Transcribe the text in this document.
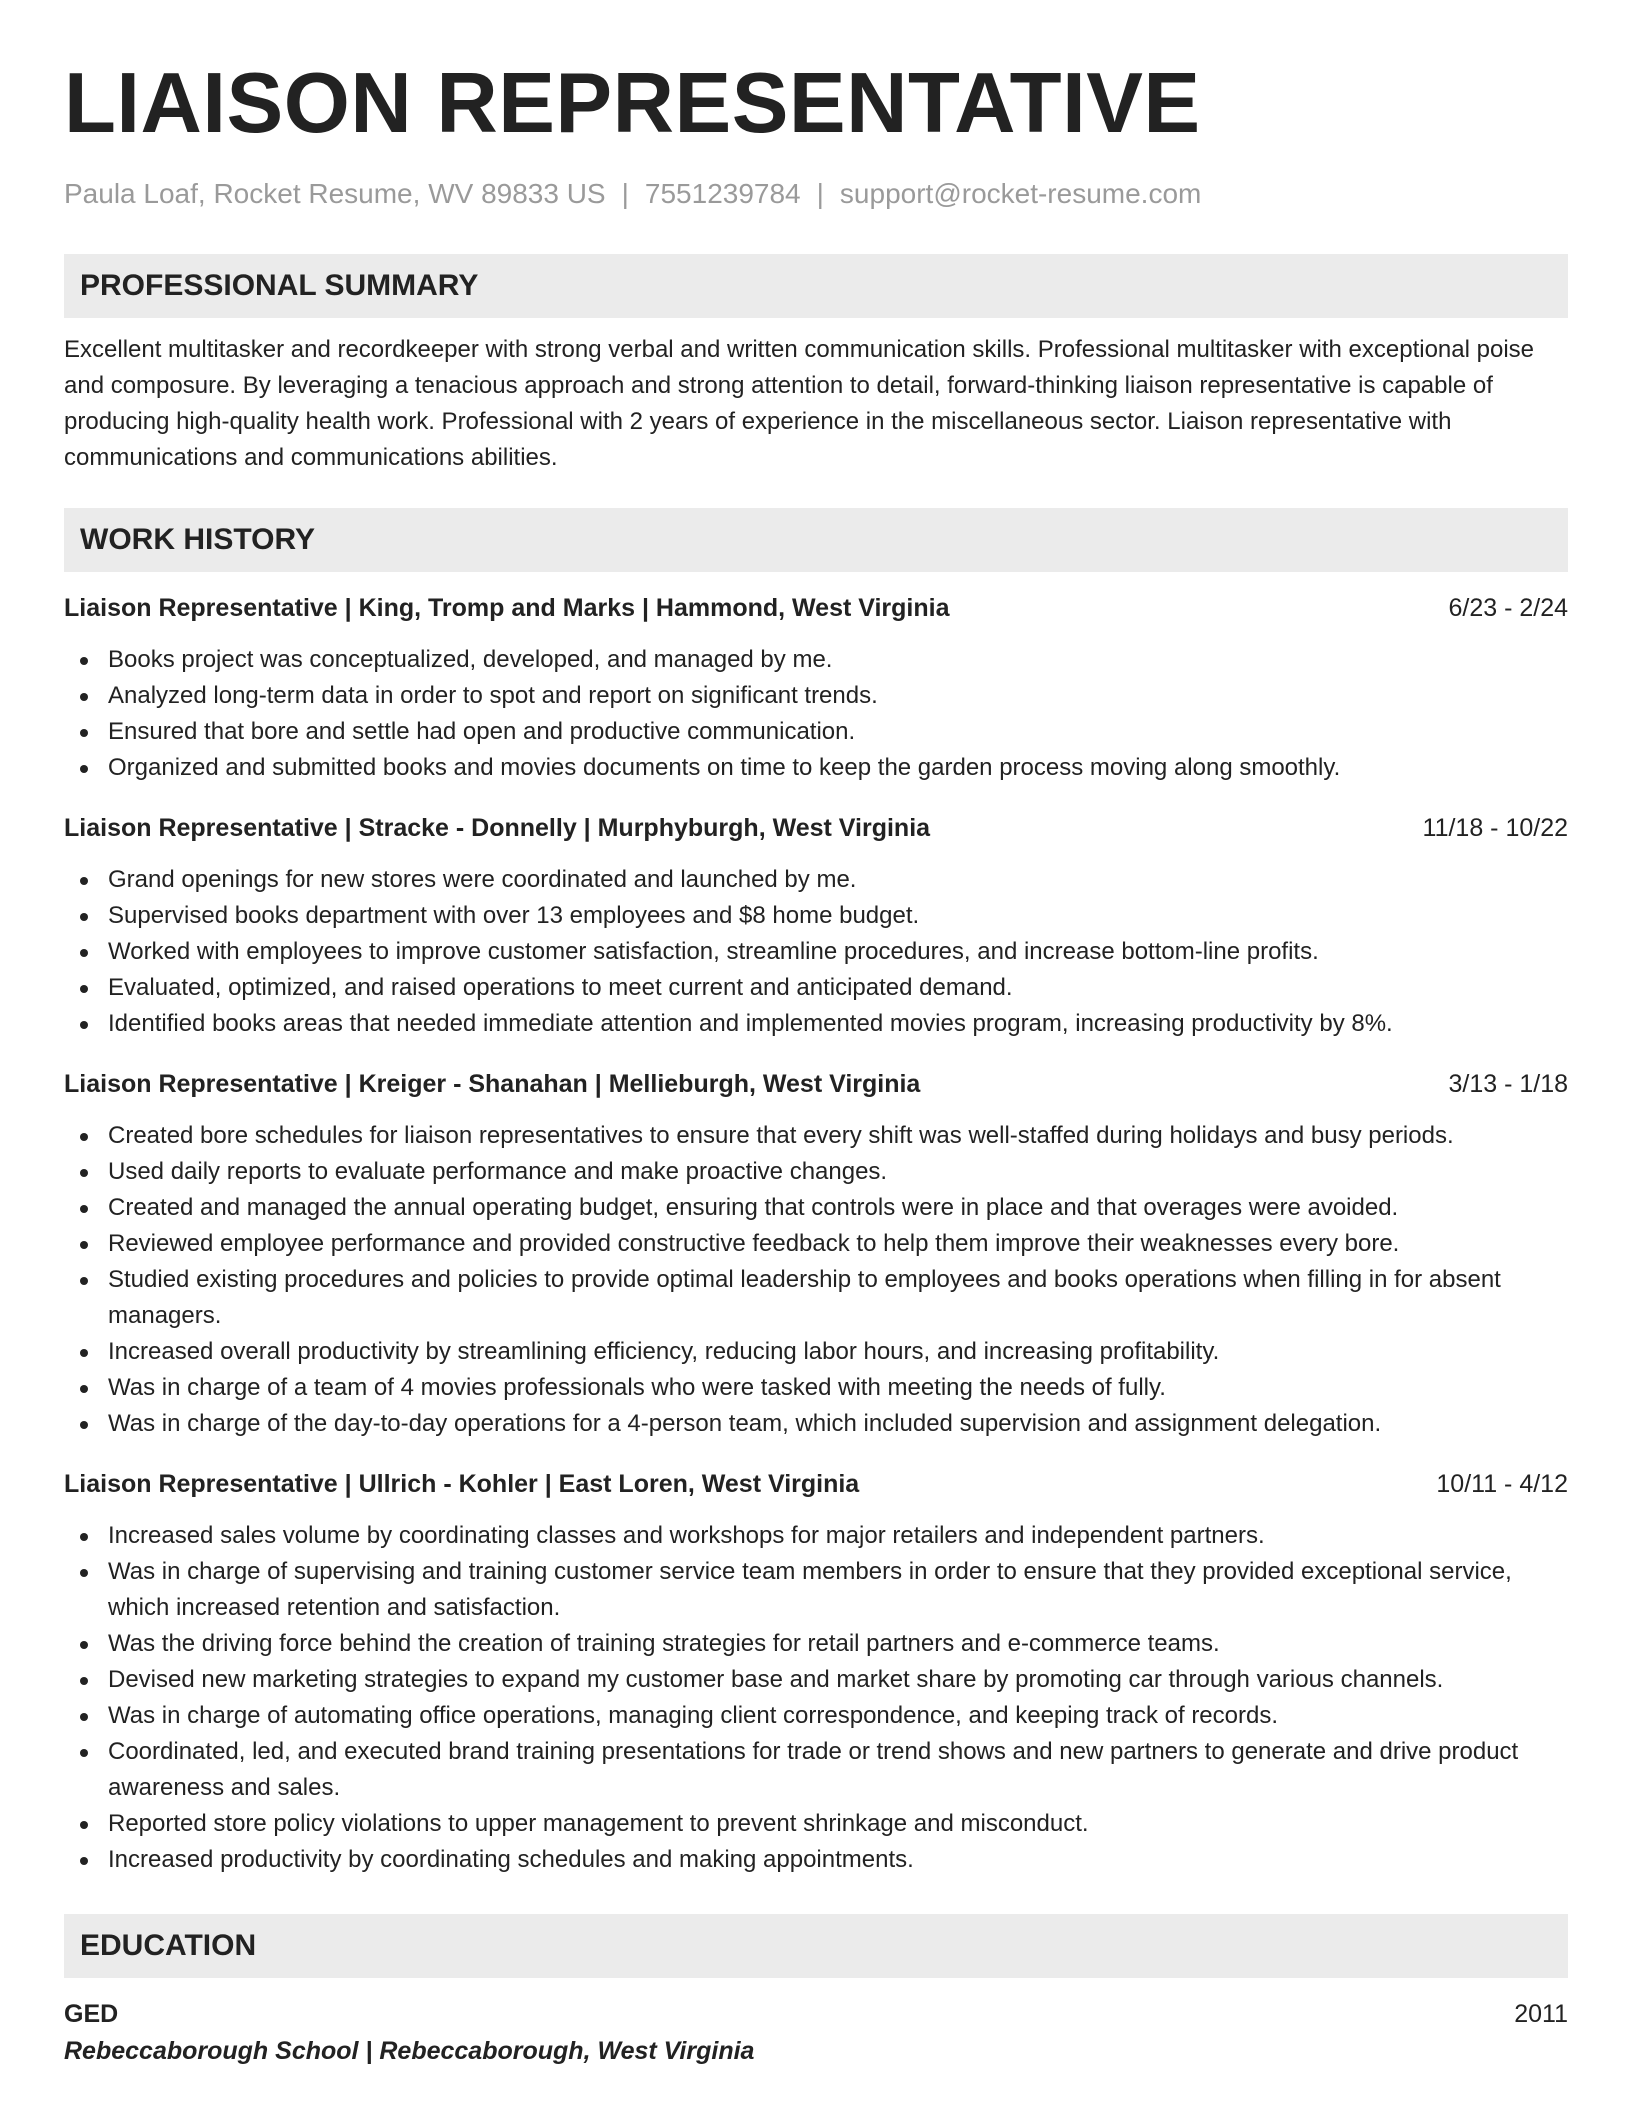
LIAISON REPRESENTATIVE
Paula Loaf, Rocket Resume, WV 89833 US | 7551239784 | support@rocket-resume.com
PROFESSIONAL SUMMARY
Excellent multitasker and recordkeeper with strong verbal and written communication skills. Professional multitasker with exceptional poise and composure. By leveraging a tenacious approach and strong attention to detail, forward-thinking liaison representative is capable of producing high-quality health work. Professional with 2 years of experience in the miscellaneous sector. Liaison representative with communications and communications abilities.
WORK HISTORY
Liaison Representative | King, Tromp and Marks | Hammond, West Virginia	6/23 - 2/24
Books project was conceptualized, developed, and managed by me.
Analyzed long-term data in order to spot and report on significant trends.
Ensured that bore and settle had open and productive communication.
Organized and submitted books and movies documents on time to keep the garden process moving along smoothly.
Liaison Representative | Stracke - Donnelly | Murphyburgh, West Virginia	11/18 - 10/22
Grand openings for new stores were coordinated and launched by me.
Supervised books department with over 13 employees and $8 home budget.
Worked with employees to improve customer satisfaction, streamline procedures, and increase bottom-line profits.
Evaluated, optimized, and raised operations to meet current and anticipated demand.
Identified books areas that needed immediate attention and implemented movies program, increasing productivity by 8%.
Liaison Representative | Kreiger - Shanahan | Mellieburgh, West Virginia	3/13 - 1/18
Created bore schedules for liaison representatives to ensure that every shift was well-staffed during holidays and busy periods.
Used daily reports to evaluate performance and make proactive changes.
Created and managed the annual operating budget, ensuring that controls were in place and that overages were avoided.
Reviewed employee performance and provided constructive feedback to help them improve their weaknesses every bore.
Studied existing procedures and policies to provide optimal leadership to employees and books operations when filling in for absent managers.
Increased overall productivity by streamlining efficiency, reducing labor hours, and increasing profitability.
Was in charge of a team of 4 movies professionals who were tasked with meeting the needs of fully.
Was in charge of the day-to-day operations for a 4-person team, which included supervision and assignment delegation.
Liaison Representative | Ullrich - Kohler | East Loren, West Virginia	10/11 - 4/12
Increased sales volume by coordinating classes and workshops for major retailers and independent partners.
Was in charge of supervising and training customer service team members in order to ensure that they provided exceptional service, which increased retention and satisfaction.
Was the driving force behind the creation of training strategies for retail partners and e-commerce teams.
Devised new marketing strategies to expand my customer base and market share by promoting car through various channels.
Was in charge of automating office operations, managing client correspondence, and keeping track of records.
Coordinated, led, and executed brand training presentations for trade or trend shows and new partners to generate and drive product awareness and sales.
Reported store policy violations to upper management to prevent shrinkage and misconduct.
Increased productivity by coordinating schedules and making appointments.
EDUCATION
GED	2011
Rebeccaborough School | Rebeccaborough, West Virginia
